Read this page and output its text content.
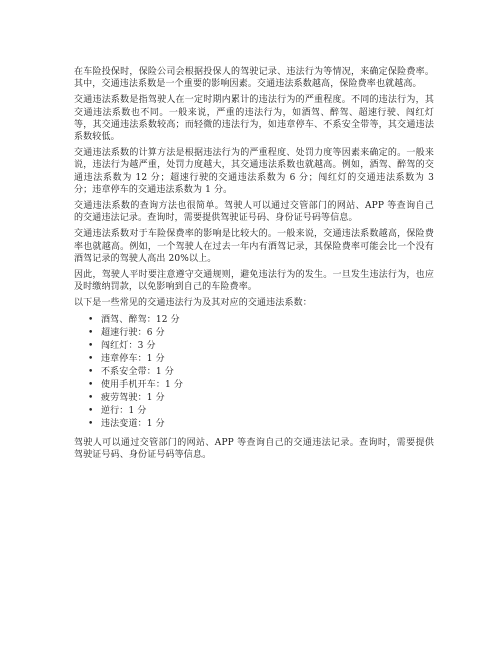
在车险投保时，保险公司会根据投保人的驾驶记录、违法行为等情况，来确定保险费率。其中，交通违法系数是一个重要的影响因素。交通违法系数越高，保险费率也就越高。

交通违法系数是指驾驶人在一定时期内累计的违法行为的严重程度。不同的违法行为，其交通违法系数也不同。一般来说，严重的违法行为，如酒驾、醉驾、超速行驶、闯红灯等，其交通违法系数较高；而轻微的违法行为，如违章停车、不系安全带等，其交通违法系数较低。

交通违法系数的计算方法是根据违法行为的严重程度、处罚力度等因素来确定的。一般来说，违法行为越严重，处罚力度越大，其交通违法系数也就越高。例如，酒驾、醉驾的交通违法系数为 12 分；超速行驶的交通违法系数为 6 分；闯红灯的交通违法系数为 3 分；违章停车的交通违法系数为 1 分。

交通违法系数的查询方法也很简单。驾驶人可以通过交管部门的网站、APP 等查询自己的交通违法记录。查询时，需要提供驾驶证号码、身份证号码等信息。

交通违法系数对于车险保费率的影响是比较大的。一般来说，交通违法系数越高，保险费率也就越高。例如，一个驾驶人在过去一年内有酒驾记录，其保险费率可能会比一个没有酒驾记录的驾驶人高出 20%以上。

因此，驾驶人平时要注意遵守交通规则，避免违法行为的发生。一旦发生违法行为，也应及时缴纳罚款，以免影响到自己的车险费率。

以下是一些常见的交通违法行为及其对应的交通违法系数：

• 酒驾、醉驾：12 分
• 超速行驶：6 分
• 闯红灯：3 分
• 违章停车：1 分
• 不系安全带：1 分
• 使用手机开车：1 分
• 疲劳驾驶：1 分
• 逆行：1 分
• 违法变道：1 分

驾驶人可以通过交管部门的网站、APP 等查询自己的交通违法记录。查询时，需要提供驾驶证号码、身份证号码等信息。
